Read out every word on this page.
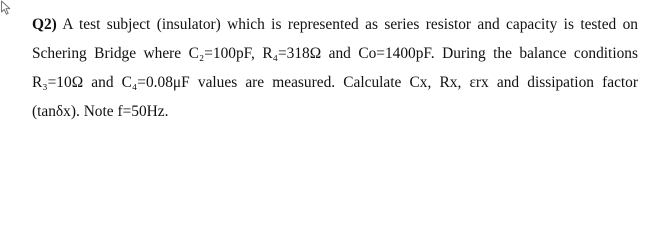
Q2) A test subject (insulator) which is represented as series resistor and capacity is tested on
Schering Bridge where C₂=100pF, R₄=318Ω and Co=1400pF. During the balance conditions
R₃=10Ω and C₄=0.08μF values are measured. Calculate Cx, Rx, εrx and dissipation factor
(tanδx). Note f=50Hz.
